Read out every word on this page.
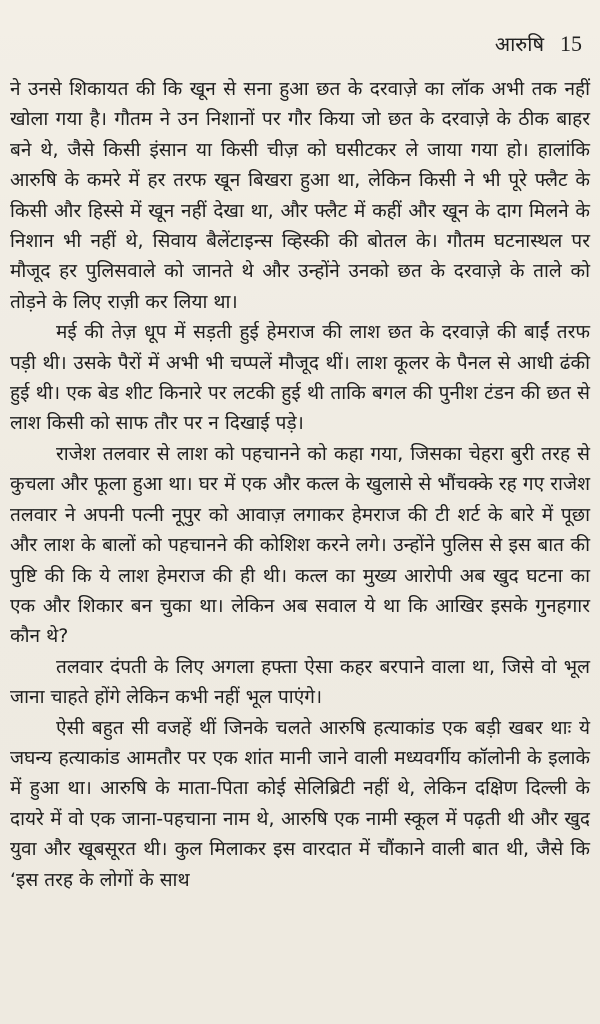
आरुषि 15

ने उनसे शिकायत की कि खून से सना हुआ छत के दरवाज़े का लॉक अभी तक नहीं खोला गया है। गौतम ने उन निशानों पर गौर किया जो छत के दरवाज़े के ठीक बाहर बने थे, जैसे किसी इंसान या किसी चीज़ को घसीटकर ले जाया गया हो। हालांकि आरुषि के कमरे में हर तरफ खून बिखरा हुआ था, लेकिन किसी ने भी पूरे फ्लैट के किसी और हिस्से में खून नहीं देखा था, और फ्लैट में कहीं और खून के दाग मिलने के निशान भी नहीं थे, सिवाय बैलेंटाइन्स व्हिस्की की बोतल के। गौतम घटनास्थल पर मौजूद हर पुलिसवाले को जानते थे और उन्होंने उनको छत के दरवाज़े के ताले को तोड़ने के लिए राज़ी कर लिया था।

मई की तेज़ धूप में सड़ती हुई हेमराज की लाश छत के दरवाज़े की बाईं तरफ पड़ी थी। उसके पैरों में अभी भी चप्पलें मौजूद थीं। लाश कूलर के पैनल से आधी ढंकी हुई थी। एक बेड शीट किनारे पर लटकी हुई थी ताकि बगल की पुनीश टंडन की छत से लाश किसी को साफ तौर पर न दिखाई पड़े।

राजेश तलवार से लाश को पहचानने को कहा गया, जिसका चेहरा बुरी तरह से कुचला और फूला हुआ था। घर में एक और कत्ल के खुलासे से भौंचक्के रह गए राजेश तलवार ने अपनी पत्नी नूपुर को आवाज़ लगाकर हेमराज की टी शर्ट के बारे में पूछा और लाश के बालों को पहचानने की कोशिश करने लगे। उन्होंने पुलिस से इस बात की पुष्टि की कि ये लाश हेमराज की ही थी। कत्ल का मुख्य आरोपी अब खुद घटना का एक और शिकार बन चुका था। लेकिन अब सवाल ये था कि आखिर इसके गुनहगार कौन थे?

तलवार दंपती के लिए अगला हफ्ता ऐसा कहर बरपाने वाला था, जिसे वो भूल जाना चाहते होंगे लेकिन कभी नहीं भूल पाएंगे।

ऐसी बहुत सी वजहें थीं जिनके चलते आरुषि हत्याकांड एक बड़ी खबर थाः ये जघन्य हत्याकांड आमतौर पर एक शांत मानी जाने वाली मध्यवर्गीय कॉलोनी के इलाके में हुआ था। आरुषि के माता-पिता कोई सेलिब्रिटी नहीं थे, लेकिन दक्षिण दिल्ली के दायरे में वो एक जाना-पहचाना नाम थे, आरुषि एक नामी स्कूल में पढ़ती थी और खुद युवा और खूबसूरत थी। कुल मिलाकर इस वारदात में चौंकाने वाली बात थी, जैसे कि ‘इस तरह के लोगों के साथ
